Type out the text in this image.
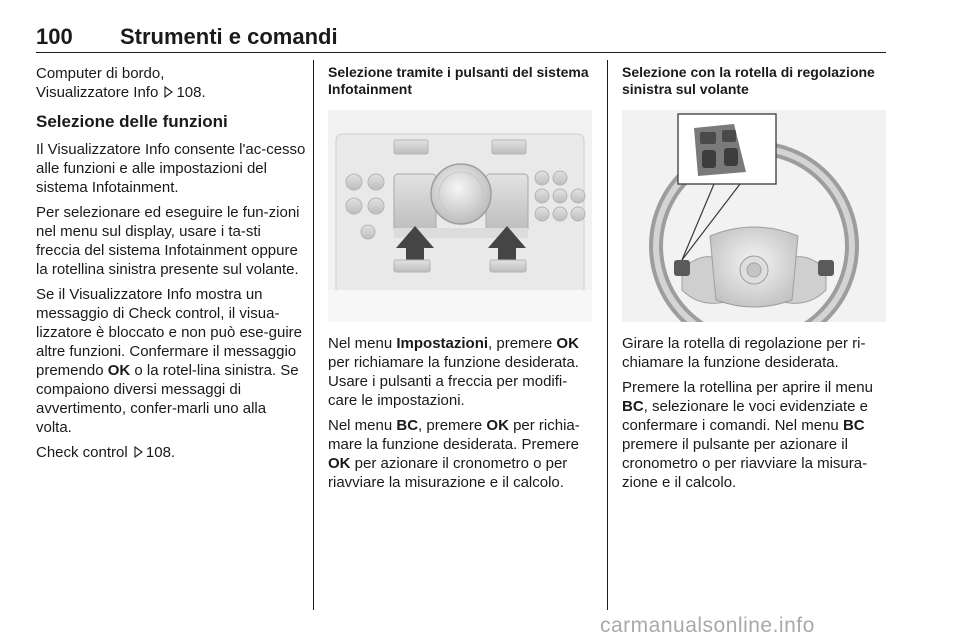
100 Strumenti e comandi

Computer di bordo,
Visualizzatore Info 108.

Selezione delle funzioni

Il Visualizzatore Info consente l'ac-cesso alle funzioni e alle impostazioni del sistema Infotainment.

Per selezionare ed eseguire le fun-zioni nel menu sul display, usare i ta-sti freccia del sistema Infotainment oppure la rotellina sinistra presente sul volante.

Se il Visualizzatore Info mostra un messaggio di Check control, il visua-lizzatore è bloccato e non può ese-guire altre funzioni. Confermare il messaggio premendo OK o la rotel-lina sinistra. Se compaiono diversi messaggi di avvertimento, confer-marli uno alla volta.

Check control 108.

Selezione tramite i pulsanti del sistema Infotainment

Nel menu Impostazioni, premere OK per richiamare la funzione desiderata. Usare i pulsanti a freccia per modifi-care le impostazioni.

Nel menu BC, premere OK per richia-mare la funzione desiderata. Premere OK per azionare il cronometro o per riavviare la misurazione e il calcolo.

Selezione con la rotella di regolazione sinistra sul volante

Girare la rotella di regolazione per ri-chiamare la funzione desiderata.

Premere la rotellina per aprire il menu BC, selezionare le voci evidenziate e confermare i comandi. Nel menu BC premere il pulsante per azionare il cronometro o per riavviare la misura-zione e il calcolo.

carmanualsonline.info
